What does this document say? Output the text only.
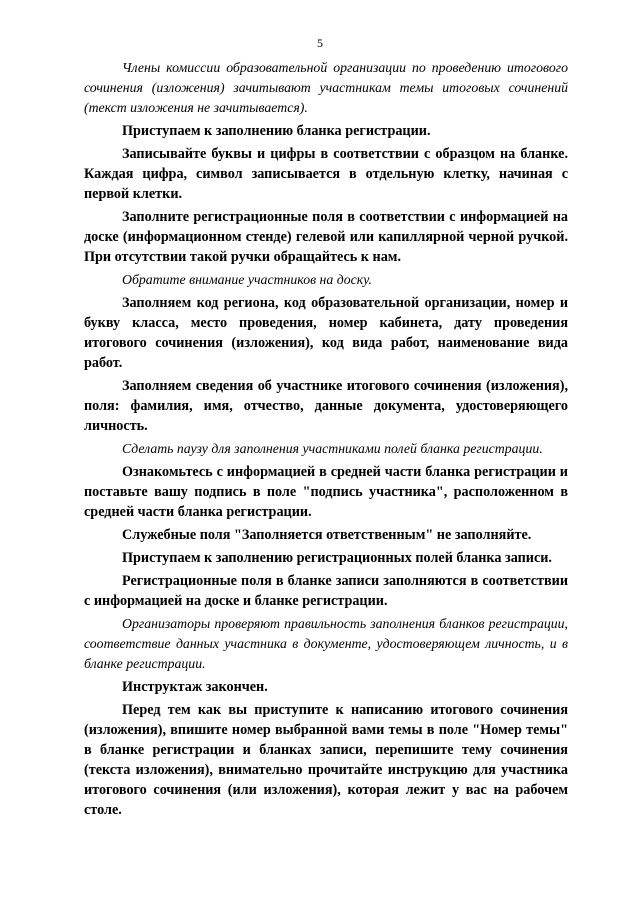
5

Члены комиссии образовательной организации по проведению итогового сочинения (изложения) зачитывают участникам темы итоговых сочинений (текст изложения не зачитывается).

Приступаем к заполнению бланка регистрации.

Записывайте буквы и цифры в соответствии с образцом на бланке. Каждая цифра, символ записывается в отдельную клетку, начиная с первой клетки.

Заполните регистрационные поля в соответствии с информацией на доске (информационном стенде) гелевой или капиллярной черной ручкой. При отсутствии такой ручки обращайтесь к нам.

Обратите внимание участников на доску.

Заполняем код региона, код образовательной организации, номер и букву класса, место проведения, номер кабинета, дату проведения итогового сочинения (изложения), код вида работ, наименование вида работ.

Заполняем сведения об участнике итогового сочинения (изложения), поля: фамилия, имя, отчество, данные документа, удостоверяющего личность.

Сделать паузу для заполнения участниками полей бланка регистрации.

Ознакомьтесь с информацией в средней части бланка регистрации и поставьте вашу подпись в поле "подпись участника", расположенном в средней части бланка регистрации.

Служебные поля "Заполняется ответственным" не заполняйте.

Приступаем к заполнению регистрационных полей бланка записи.

Регистрационные поля в бланке записи заполняются в соответствии с информацией на доске и бланке регистрации.

Организаторы проверяют правильность заполнения бланков регистрации, соответствие данных участника в документе, удостоверяющем личность, и в бланке регистрации.

Инструктаж закончен.

Перед тем как вы приступите к написанию итогового сочинения (изложения), впишите номер выбранной вами темы в поле "Номер темы" в бланке регистрации и бланках записи, перепишите тему сочинения (текста изложения), внимательно прочитайте инструкцию для участника итогового сочинения (или изложения), которая лежит у вас на рабочем столе.
